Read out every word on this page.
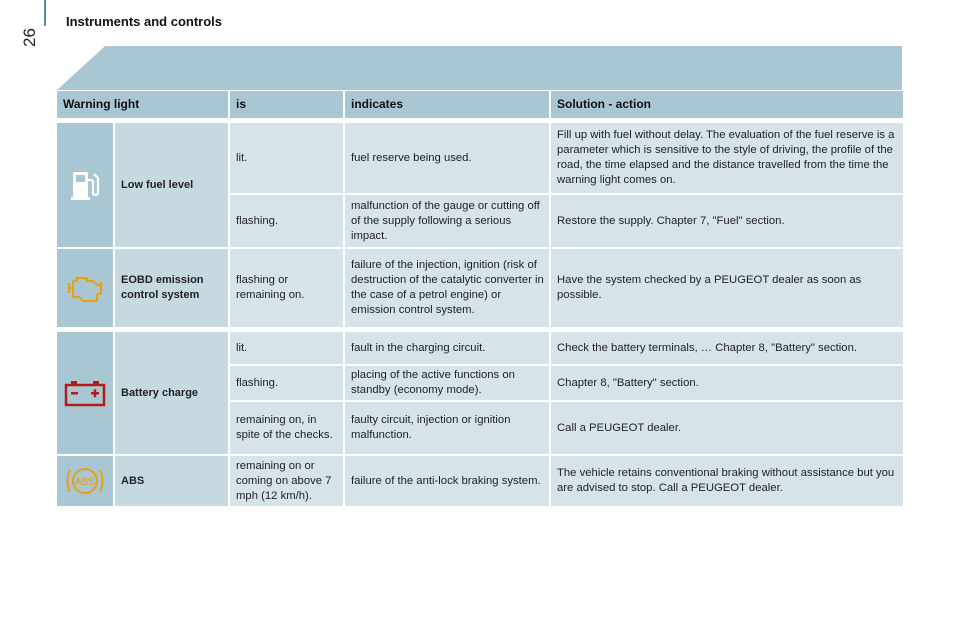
Instruments and controls
26
Warning light		is	indicates	Solution - action

	Low fuel level	lit.	fuel reserve being used.	Fill up with fuel without delay. The evaluation of the fuel reserve is a parameter which is sensitive to the style of driving, the profile of the road, the time elapsed and the distance travelled from the time the warning light comes on.
		flashing.	malfunction of the gauge or cutting off of the supply following a serious impact.	Restore the supply. Chapter 7, "Fuel" section.
	EOBD emission control system	flashing or remaining on.	failure of the injection, ignition (risk of destruction of the catalytic converter in the case of a petrol engine) or emission control system.	Have the system checked by a PEUGEOT dealer as soon as possible.

	Battery charge	lit.	fault in the charging circuit.	Check the battery terminals, … Chapter 8, "Battery" section.
		flashing.	placing of the active functions on standby (economy mode).	Chapter 8, "Battery" section.
		remaining on, in spite of the checks.	faulty circuit, injection or ignition malfunction.	Call a PEUGEOT dealer.

ABS	ABS	remaining on or coming on above 7 mph (12 km/h).	failure of the anti-lock braking system.	The vehicle retains conventional braking without assistance but you are advised to stop. Call a PEUGEOT dealer.
